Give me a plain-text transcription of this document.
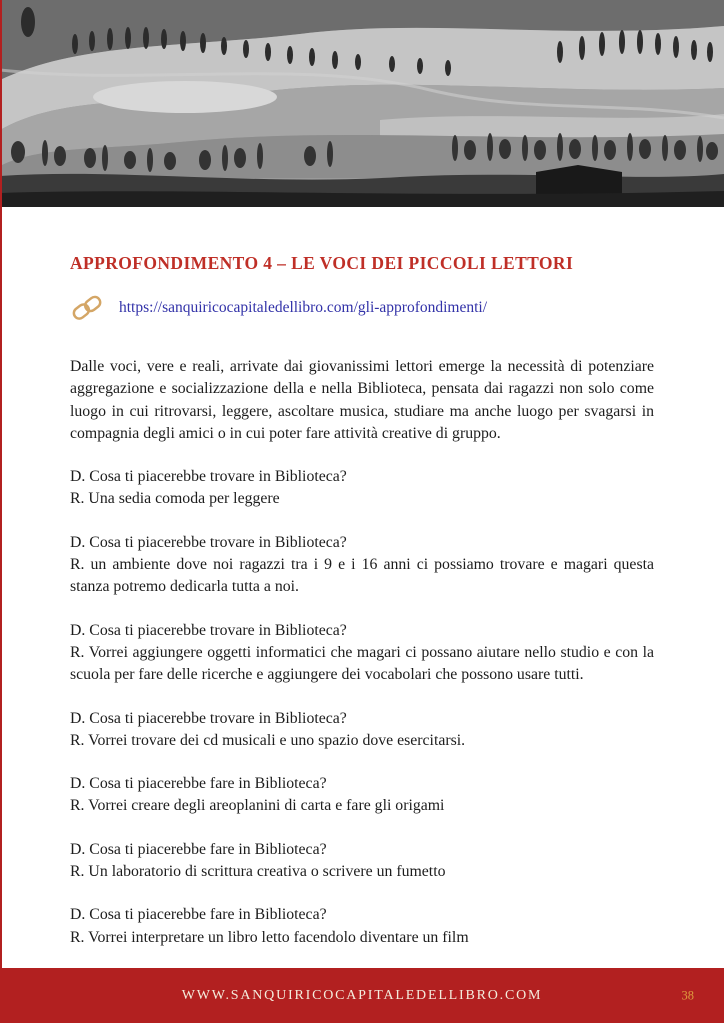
APPROFONDIMENTO 4 – LE VOCI DEI PICCOLI LETTORI
https://sanquiricocapitaledellibro.com/gli-approfondimenti/

Dalle voci, vere e reali, arrivate dai giovanissimi lettori emerge la necessità di potenziare aggregazione e socializzazione della e nella Biblioteca, pensata dai ragazzi non solo come luogo in cui ritrovarsi, leggere, ascoltare musica, studiare ma anche luogo per svagarsi in compagnia degli amici o in cui poter fare attività creative di gruppo.

D. Cosa ti piacerebbe trovare in Biblioteca?

R. Una sedia comoda per leggere

D. Cosa ti piacerebbe trovare in Biblioteca?

R. un ambiente dove noi ragazzi tra i 9 e i 16 anni ci possiamo trovare e magari questa stanza potremo dedicarla tutta a noi.

D. Cosa ti piacerebbe trovare in Biblioteca?

R. Vorrei aggiungere oggetti informatici che magari ci possano aiutare nello studio e con la scuola per fare delle ricerche e aggiungere dei vocabolari che possono usare tutti.

D. Cosa ti piacerebbe trovare in Biblioteca?

R. Vorrei trovare dei cd musicali e uno spazio dove esercitarsi.

D. Cosa ti piacerebbe fare in Biblioteca?

R. Vorrei creare degli areoplanini di carta e fare gli origami

D. Cosa ti piacerebbe fare in Biblioteca?

R. Un laboratorio di scrittura creativa o scrivere un fumetto

D. Cosa ti piacerebbe fare in Biblioteca?

R. Vorrei interpretare un libro letto facendolo diventare un film

WWW.SANQUIRICOCAPITALEDELLIBRO.COM	38
